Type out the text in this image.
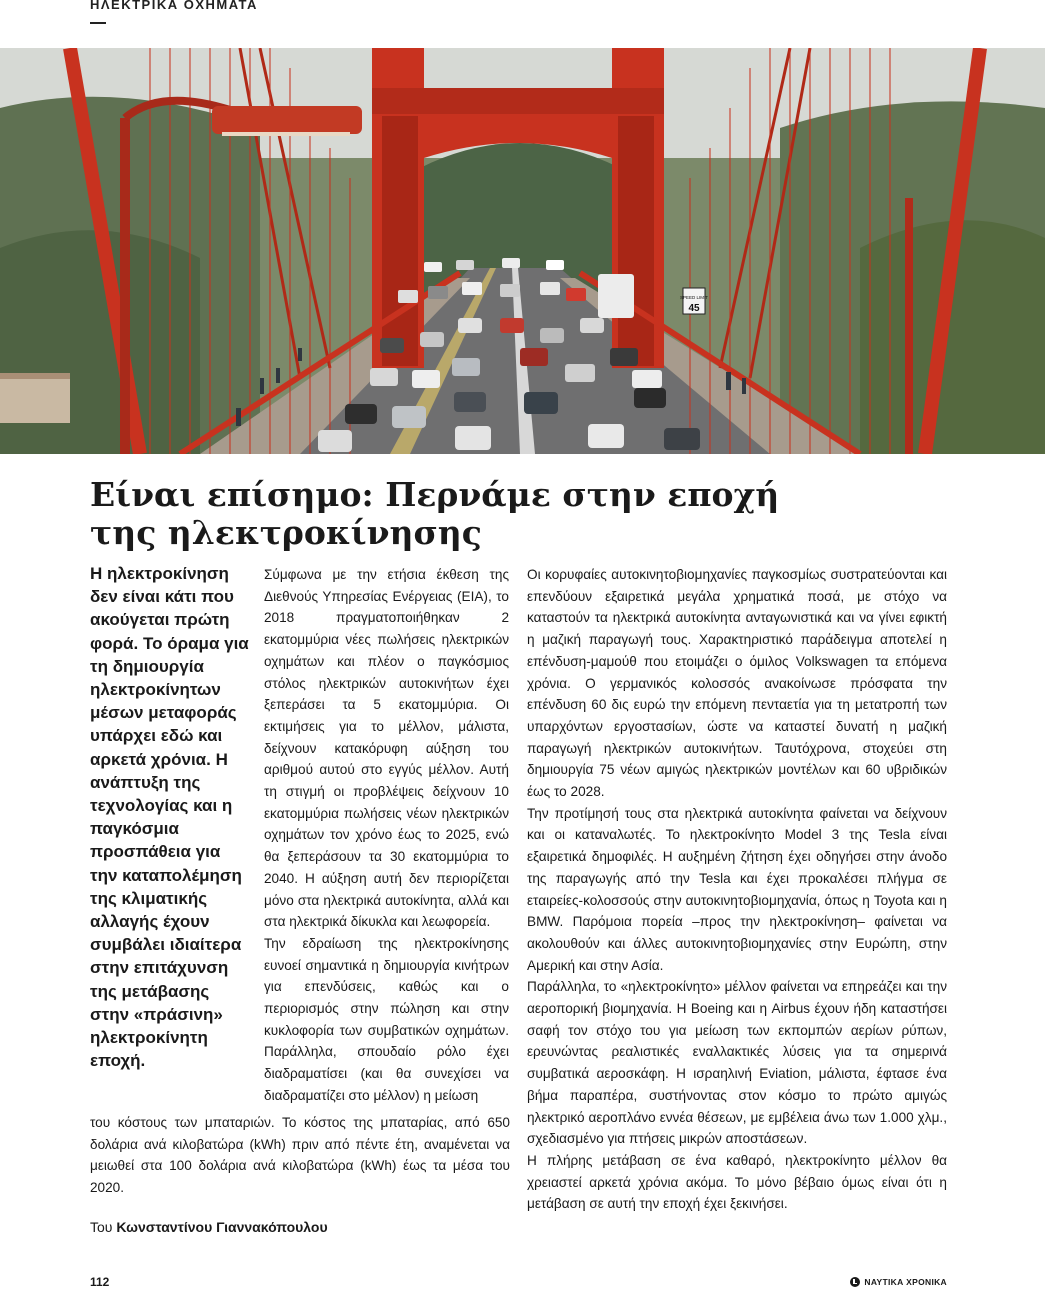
ΗΛΕΚΤΡΙΚΑ ΟΧΗΜΑΤΑ
SPEED LIMIT
45
Είναι επίσημο: Περνάμε στην εποχή
της ηλεκτροκίνησης

Η ηλεκτροκίνηση δεν είναι κάτι που ακούγεται πρώτη φορά. Το όραμα για τη δημιουργία ηλεκτροκίνητων μέσων μεταφοράς υπάρχει εδώ και αρκετά χρόνια. Η ανάπτυξη της τεχνολογίας και η παγκόσμια προσπάθεια για την καταπολέμηση της κλιματικής αλλαγής έχουν συμβάλει ιδιαίτερα στην επιτάχυνση της μετάβασης στην «πράσινη» ηλεκτροκίνητη εποχή.

Σύμφωνα με την ετήσια έκθεση της Διεθνούς Υπηρεσίας Ενέργειας (ΕΙΑ), το 2018 πραγματοποιήθηκαν 2 εκατομμύρια νέες πωλήσεις ηλεκτρικών οχημάτων και πλέον ο παγκόσμιος στόλος ηλεκτρικών αυτοκινήτων έχει ξεπεράσει τα 5 εκατομμύρια. Οι εκτιμήσεις για το μέλλον, μάλιστα, δείχνουν κατακόρυφη αύξηση του αριθμού αυτού στο εγγύς μέλλον. Αυτή τη στιγμή οι προβλέψεις δείχνουν 10 εκατομμύρια πωλήσεις νέων ηλεκτρικών οχημάτων τον χρόνο έως το 2025, ενώ θα ξεπεράσουν τα 30 εκατομμύρια το 2040. Η αύξηση αυτή δεν περιορίζεται μόνο στα ηλεκτρικά αυτοκίνητα, αλλά και στα ηλεκτρικά δίκυκλα και λεωφορεία.

Την εδραίωση της ηλεκτροκίνησης ευνοεί σημαντικά η δημιουργία κινήτρων για επενδύσεις, καθώς και ο περιορισμός στην πώληση και στην κυκλοφορία των συμβατικών οχημάτων. Παράλληλα, σπουδαίο ρόλο έχει διαδραματίσει (και θα συνεχίσει να διαδραματίζει στο μέλλον) η μείωση

του κόστους των μπαταριών. Το κόστος της μπαταρίας, από 650 δολάρια ανά κιλοβατώρα (kWh) πριν από πέντε έτη, αναμένεται να μειωθεί στα 100 δολάρια ανά κιλοβατώρα (kWh) έως τα μέσα του 2020.

Του Κωνσταντίνου Γιαννακόπουλου

Οι κορυφαίες αυτοκινητοβιομηχανίες παγκοσμίως συστρατεύονται και επενδύουν εξαιρετικά μεγάλα χρηματικά ποσά, με στόχο να καταστούν τα ηλεκτρικά αυτοκίνητα ανταγωνιστικά και να γίνει εφικτή η μαζική παραγωγή τους. Χαρακτηριστικό παράδειγμα αποτελεί η επένδυση-μαμούθ που ετοιμάζει ο όμιλος Volkswagen τα επόμενα χρόνια. Ο γερμανικός κολοσσός ανακοίνωσε πρόσφατα την επένδυση 60 δις ευρώ την επόμενη πενταετία για τη μετατροπή των υπαρχόντων εργοστασίων, ώστε να καταστεί δυνατή η μαζική παραγωγή ηλεκτρικών αυτοκινήτων. Ταυτόχρονα, στοχεύει στη δημιουργία 75 νέων αμιγώς ηλεκτρικών μοντέλων και 60 υβριδικών έως το 2028.

Την προτίμησή τους στα ηλεκτρικά αυτοκίνητα φαίνεται να δείχνουν και οι καταναλωτές. Το ηλεκτροκίνητο Model 3 της Tesla είναι εξαιρετικά δημοφιλές. Η αυξημένη ζήτηση έχει οδηγήσει στην άνοδο της παραγωγής από την Tesla και έχει προκαλέσει πλήγμα σε εταιρείες-κολοσσούς στην αυτοκινητοβιομηχανία, όπως η Toyota και η BMW. Παρόμοια πορεία –προς την ηλεκτροκίνηση– φαίνεται να ακολουθούν και άλλες αυτοκινητοβιομηχανίες στην Ευρώπη, στην Αμερική και στην Ασία.

Παράλληλα, το «ηλεκτροκίνητο» μέλλον φαίνεται να επηρεάζει και την αεροπορική βιομηχανία. Η Boeing και η Airbus έχουν ήδη καταστήσει σαφή τον στόχο του για μείωση των εκπομπών αερίων ρύπων, ερευνώντας ρεαλιστικές εναλλακτικές λύσεις για τα σημερινά συμβατικά αεροσκάφη. Η ισραηλινή Eviation, μάλιστα, έφτασε ένα βήμα παραπέρα, συστήνοντας στον κόσμο το πρώτο αμιγώς ηλεκτρικό αεροπλάνο εννέα θέσεων, με εμβέλεια άνω των 1.000 χλμ., σχεδιασμένο για πτήσεις μικρών αποστάσεων.

Η πλήρης μετάβαση σε ένα καθαρό, ηλεκτροκίνητο μέλλον θα χρειαστεί αρκετά χρόνια ακόμα. Το μόνο βέβαιο όμως είναι ότι η μετάβαση σε αυτή την εποχή έχει ξεκινήσει.

112	ΝΑΥΤΙΚΑ ΧΡΟΝΙΚΑ
